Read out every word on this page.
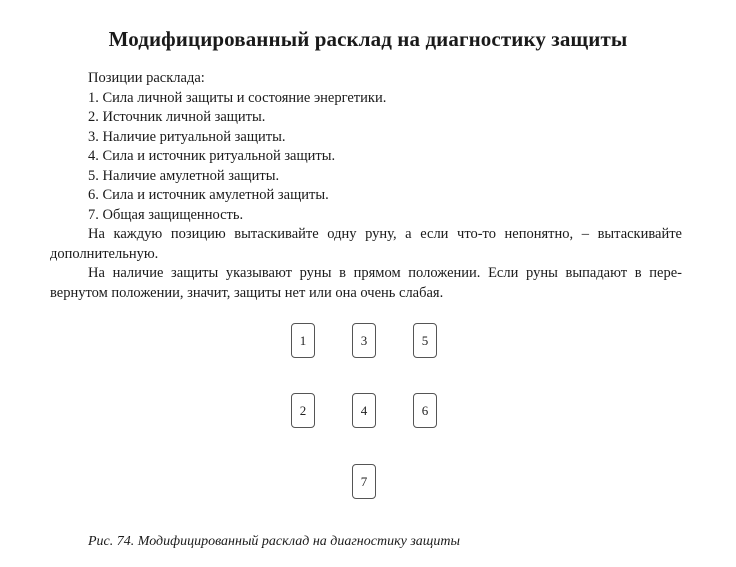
Модифицированный расклад на диагностику защиты
Позиции расклада:
1. Сила личной защиты и состояние энергетики.
2. Источник личной защиты.
3. Наличие ритуальной защиты.
4. Сила и источник ритуальной защиты.
5. Наличие амулетной защиты.
6. Сила и источник амулетной защиты.
7. Общая защищенность.
На каждую позицию вытаскивайте одну руну, а если что-то непонятно, – вытаскивайте
дополнительную.
На наличие защиты указывают руны в прямом положении. Если руны выпадают в пере-
вернутом положении, значит, защиты нет или она очень слабая.
1	3	5
2	4	6
7
Рис. 74. Модифицированный расклад на диагностику защиты
